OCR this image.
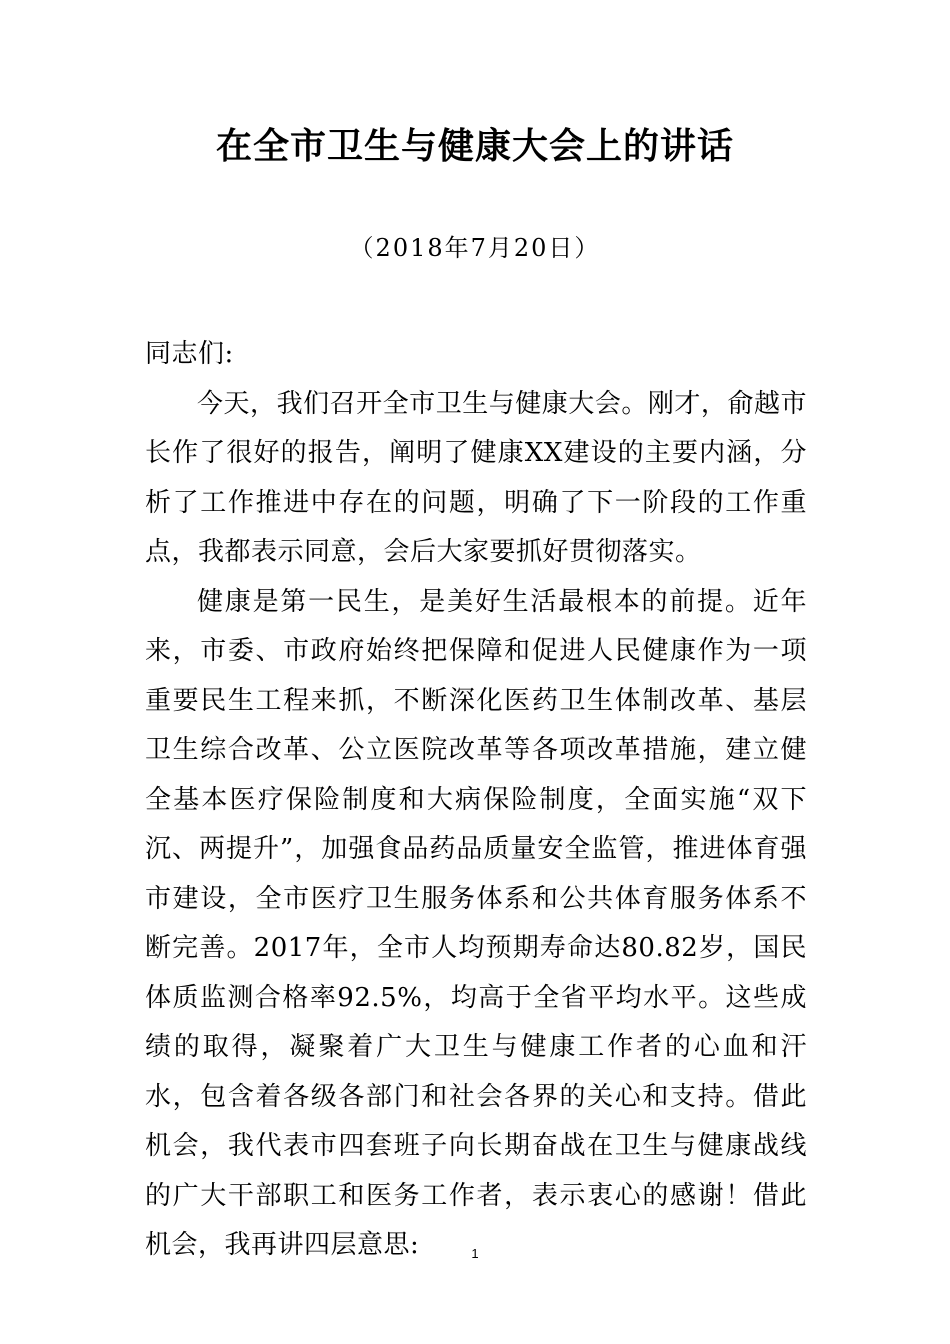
在全市卫生与健康大会上的讲话
（2018年7月20日）

同志们:

今天，我们召开全市卫生与健康大会。刚才，俞越市长作了很好的报告，阐明了健康XX建设的主要内涵，分析了工作推进中存在的问题，明确了下一阶段的工作重点，我都表示同意，会后大家要抓好贯彻落实。

健康是第一民生，是美好生活最根本的前提。近年来，市委、市政府始终把保障和促进人民健康作为一项重要民生工程来抓，不断深化医药卫生体制改革、基层卫生综合改革、公立医院改革等各项改革措施，建立健全基本医疗保险制度和大病保险制度，全面实施“双下沉、两提升”，加强食品药品质量安全监管，推进体育强市建设，全市医疗卫生服务体系和公共体育服务体系不断完善。2017年，全市人均预期寿命达80.82岁，国民体质监测合格率92.5%，均高于全省平均水平。这些成绩的取得，凝聚着广大卫生与健康工作者的心血和汗水，包含着各级各部门和社会各界的关心和支持。借此机会，我代表市四套班子向长期奋战在卫生与健康战线的广大干部职工和医务工作者，表示衷心的感谢！借此机会，我再讲四层意思:	1
